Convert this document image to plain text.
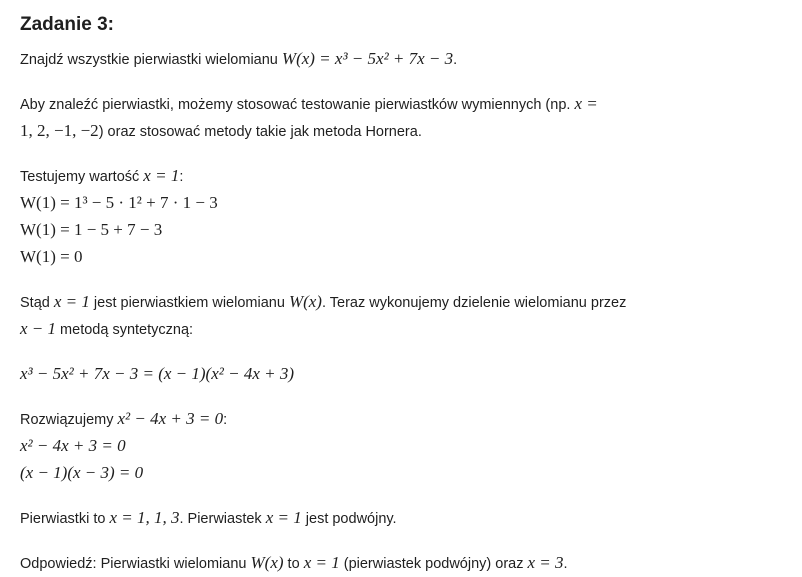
Zadanie 3:
Znajdź wszystkie pierwiastki wielomianu W(x) = x³ − 5x² + 7x − 3.
Aby znaleźć pierwiastki, możemy stosować testowanie pierwiastków wymiennych (np. x =
1, 2, −1, −2) oraz stosować metody takie jak metoda Hornera.
Testujemy wartość x = 1:
W(1) = 1³ − 5 · 1² + 7 · 1 − 3
W(1) = 1 − 5 + 7 − 3
W(1) = 0
Stąd x = 1 jest pierwiastkiem wielomianu W(x). Teraz wykonujemy dzielenie wielomianu przez
x − 1 metodą syntetyczną:
x³ − 5x² + 7x − 3 = (x − 1)(x² − 4x + 3)
Rozwiązujemy x² − 4x + 3 = 0:
x² − 4x + 3 = 0
(x − 1)(x − 3) = 0
Pierwiastki to x = 1, 1, 3. Pierwiastek x = 1 jest podwójny.
Odpowiedź: Pierwiastki wielomianu W(x) to x = 1 (pierwiastek podwójny) oraz x = 3.
